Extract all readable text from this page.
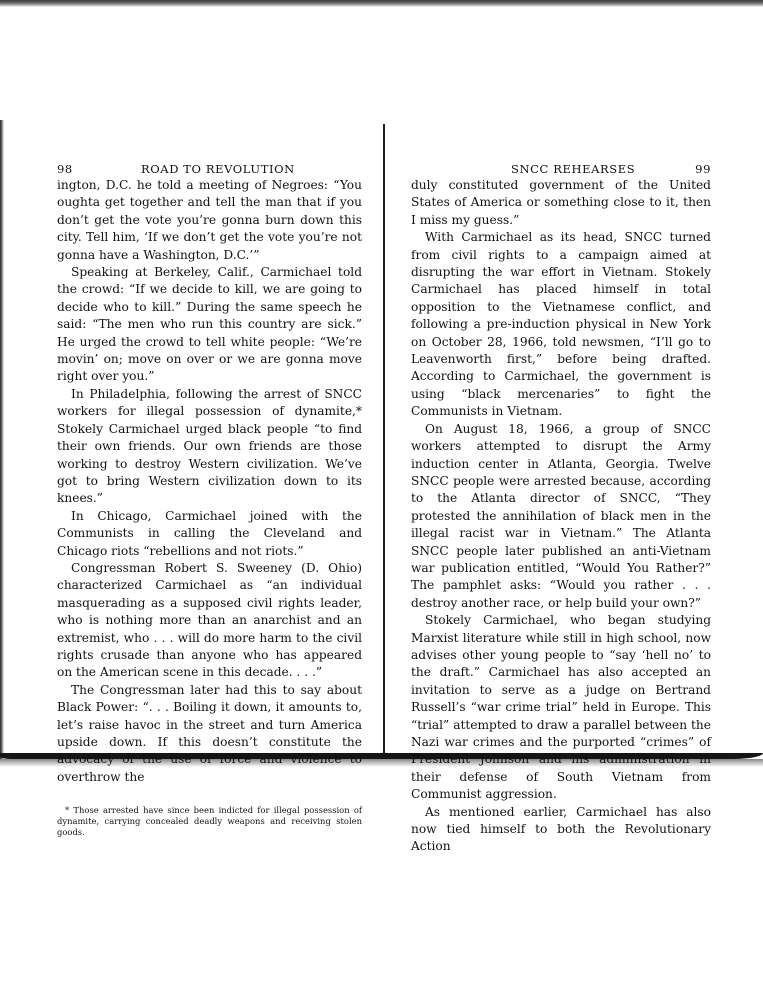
98	ROAD TO REVOLUTION

ington, D.C. he told a meeting of Negroes: “You oughta get together and tell the man that if you don’t get the vote you’re gonna burn down this city. Tell him, ‘If we don’t get the vote you’re not gonna have a Washington, D.C.’”

Speaking at Berkeley, Calif., Carmichael told the crowd: “If we decide to kill, we are going to decide who to kill.” During the same speech he said: “The men who run this country are sick.” He urged the crowd to tell white people: “We’re movin’ on; move on over or we are gonna move right over you.”

In Philadelphia, following the arrest of SNCC workers for illegal possession of dynamite,* Stokely Carmichael urged black people “to find their own friends. Our own friends are those working to destroy Western civilization. We’ve got to bring Western civilization down to its knees.”

In Chicago, Carmichael joined with the Communists in calling the Cleveland and Chicago riots “rebellions and not riots.”

Congressman Robert S. Sweeney (D. Ohio) characterized Carmichael as “an individual masquerading as a supposed civil rights leader, who is nothing more than an anarchist and an extremist, who . . . will do more harm to the civil rights crusade than anyone who has appeared on the American scene in this decade. . . .”

The Congressman later had this to say about Black Power: “. . . Boiling it down, it amounts to, let’s raise havoc in the street and turn America upside down. If this doesn’t constitute the advocacy of the use of force and violence to overthrow the

* Those arrested have since been indicted for illegal possession of dynamite, carrying concealed deadly weapons and receiving stolen goods.
SNCC REHEARSES	99

duly constituted government of the United States of America or something close to it, then I miss my guess.”

With Carmichael as its head, SNCC turned from civil rights to a campaign aimed at disrupting the war effort in Vietnam. Stokely Carmichael has placed himself in total opposition to the Vietnamese conflict, and following a pre-induction physical in New York on October 28, 1966, told newsmen, “I’ll go to Leavenworth first,” before being drafted. According to Carmichael, the government is using “black mercenaries” to fight the Communists in Vietnam.

On August 18, 1966, a group of SNCC workers attempted to disrupt the Army induction center in Atlanta, Georgia. Twelve SNCC people were arrested because, according to the Atlanta director of SNCC, “They protested the annihilation of black men in the illegal racist war in Vietnam.” The Atlanta SNCC people later published an anti-Vietnam war publication entitled, “Would You Rather?” The pamphlet asks: “Would you rather . . . destroy another race, or help build your own?”

Stokely Carmichael, who began studying Marxist literature while still in high school, now advises other young people to “say ‘hell no’ to the draft.” Carmichael has also accepted an invitation to serve as a judge on Bertrand Russell’s “war crime trial” held in Europe. This “trial” attempted to draw a parallel between the Nazi war crimes and the purported “crimes” of President Johnson and his administration in their defense of South Vietnam from Communist aggression.

As mentioned earlier, Carmichael has also now tied himself to both the Revolutionary Action
